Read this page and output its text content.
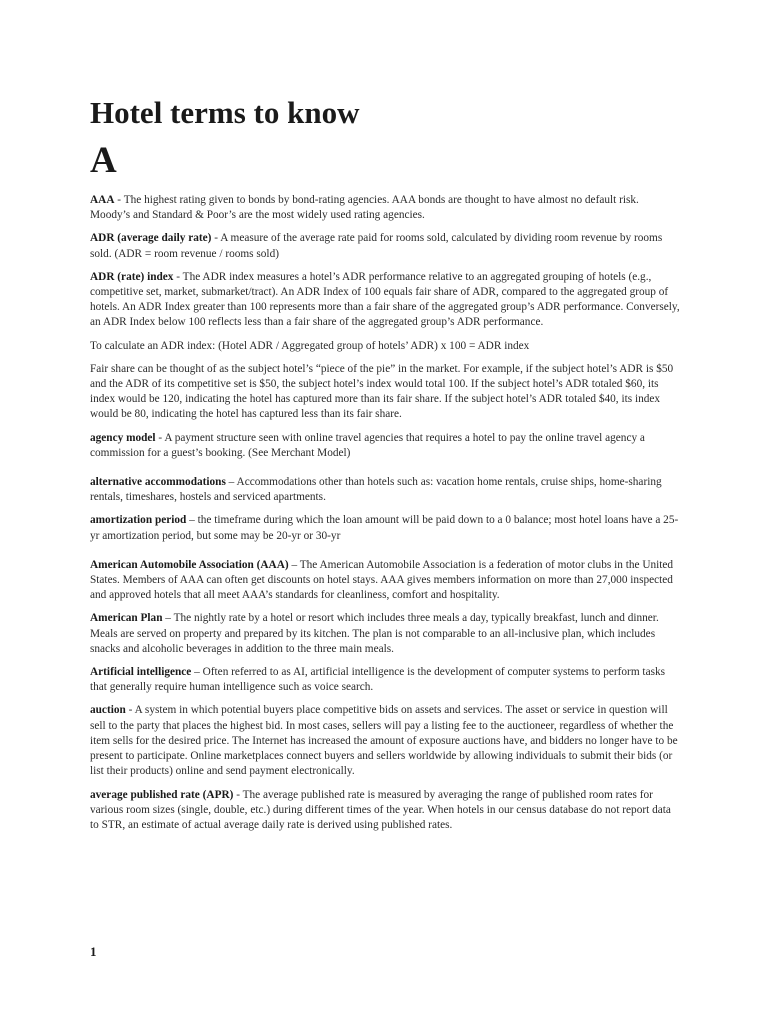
Hotel terms to know
A

AAA - The highest rating given to bonds by bond-rating agencies. AAA bonds are thought to have almost no default risk. Moody’s and Standard & Poor’s are the most widely used rating agencies.

ADR (average daily rate) - A measure of the average rate paid for rooms sold, calculated by dividing room revenue by rooms sold. (ADR = room revenue / rooms sold)

ADR (rate) index - The ADR index measures a hotel’s ADR performance relative to an aggregated grouping of hotels (e.g., competitive set, market, submarket/tract). An ADR Index of 100 equals fair share of ADR, compared to the aggregated group of hotels. An ADR Index greater than 100 represents more than a fair share of the aggregated group’s ADR performance. Conversely, an ADR Index below 100 reflects less than a fair share of the aggregated group’s ADR performance.

To calculate an ADR index: (Hotel ADR / Aggregated group of hotels’ ADR) x 100 = ADR index

Fair share can be thought of as the subject hotel’s “piece of the pie” in the market. For example, if the subject hotel’s ADR is $50 and the ADR of its competitive set is $50, the subject hotel’s index would total 100. If the subject hotel’s ADR totaled $60, its index would be 120, indicating the hotel has captured more than its fair share. If the subject hotel’s ADR totaled $40, its index would be 80, indicating the hotel has captured less than its fair share.

agency model - A payment structure seen with online travel agencies that requires a hotel to pay the online travel agency a commission for a guest’s booking. (See Merchant Model)

alternative accommodations – Accommodations other than hotels such as: vacation home rentals, cruise ships, home-sharing rentals, timeshares, hostels and serviced apartments.

amortization period – the timeframe during which the loan amount will be paid down to a 0 balance; most hotel loans have a 25-yr amortization period, but some may be 20-yr or 30-yr

American Automobile Association (AAA) – The American Automobile Association is a federation of motor clubs in the United States. Members of AAA can often get discounts on hotel stays. AAA gives members information on more than 27,000 inspected and approved hotels that all meet AAA’s standards for cleanliness, comfort and hospitality.

American Plan – The nightly rate by a hotel or resort which includes three meals a day, typically breakfast, lunch and dinner. Meals are served on property and prepared by its kitchen. The plan is not comparable to an all-inclusive plan, which includes snacks and alcoholic beverages in addition to the three main meals.

Artificial intelligence – Often referred to as AI, artificial intelligence is the development of computer systems to perform tasks that generally require human intelligence such as voice search.

auction - A system in which potential buyers place competitive bids on assets and services. The asset or service in question will sell to the party that places the highest bid. In most cases, sellers will pay a listing fee to the auctioneer, regardless of whether the item sells for the desired price. The Internet has increased the amount of exposure auctions have, and bidders no longer have to be present to participate. Online marketplaces connect buyers and sellers worldwide by allowing individuals to submit their bids (or list their products) online and send payment electronically.

average published rate (APR) - The average published rate is measured by averaging the range of published room rates for various room sizes (single, double, etc.) during different times of the year. When hotels in our census database do not report data to STR, an estimate of actual average daily rate is derived using published rates.

1
